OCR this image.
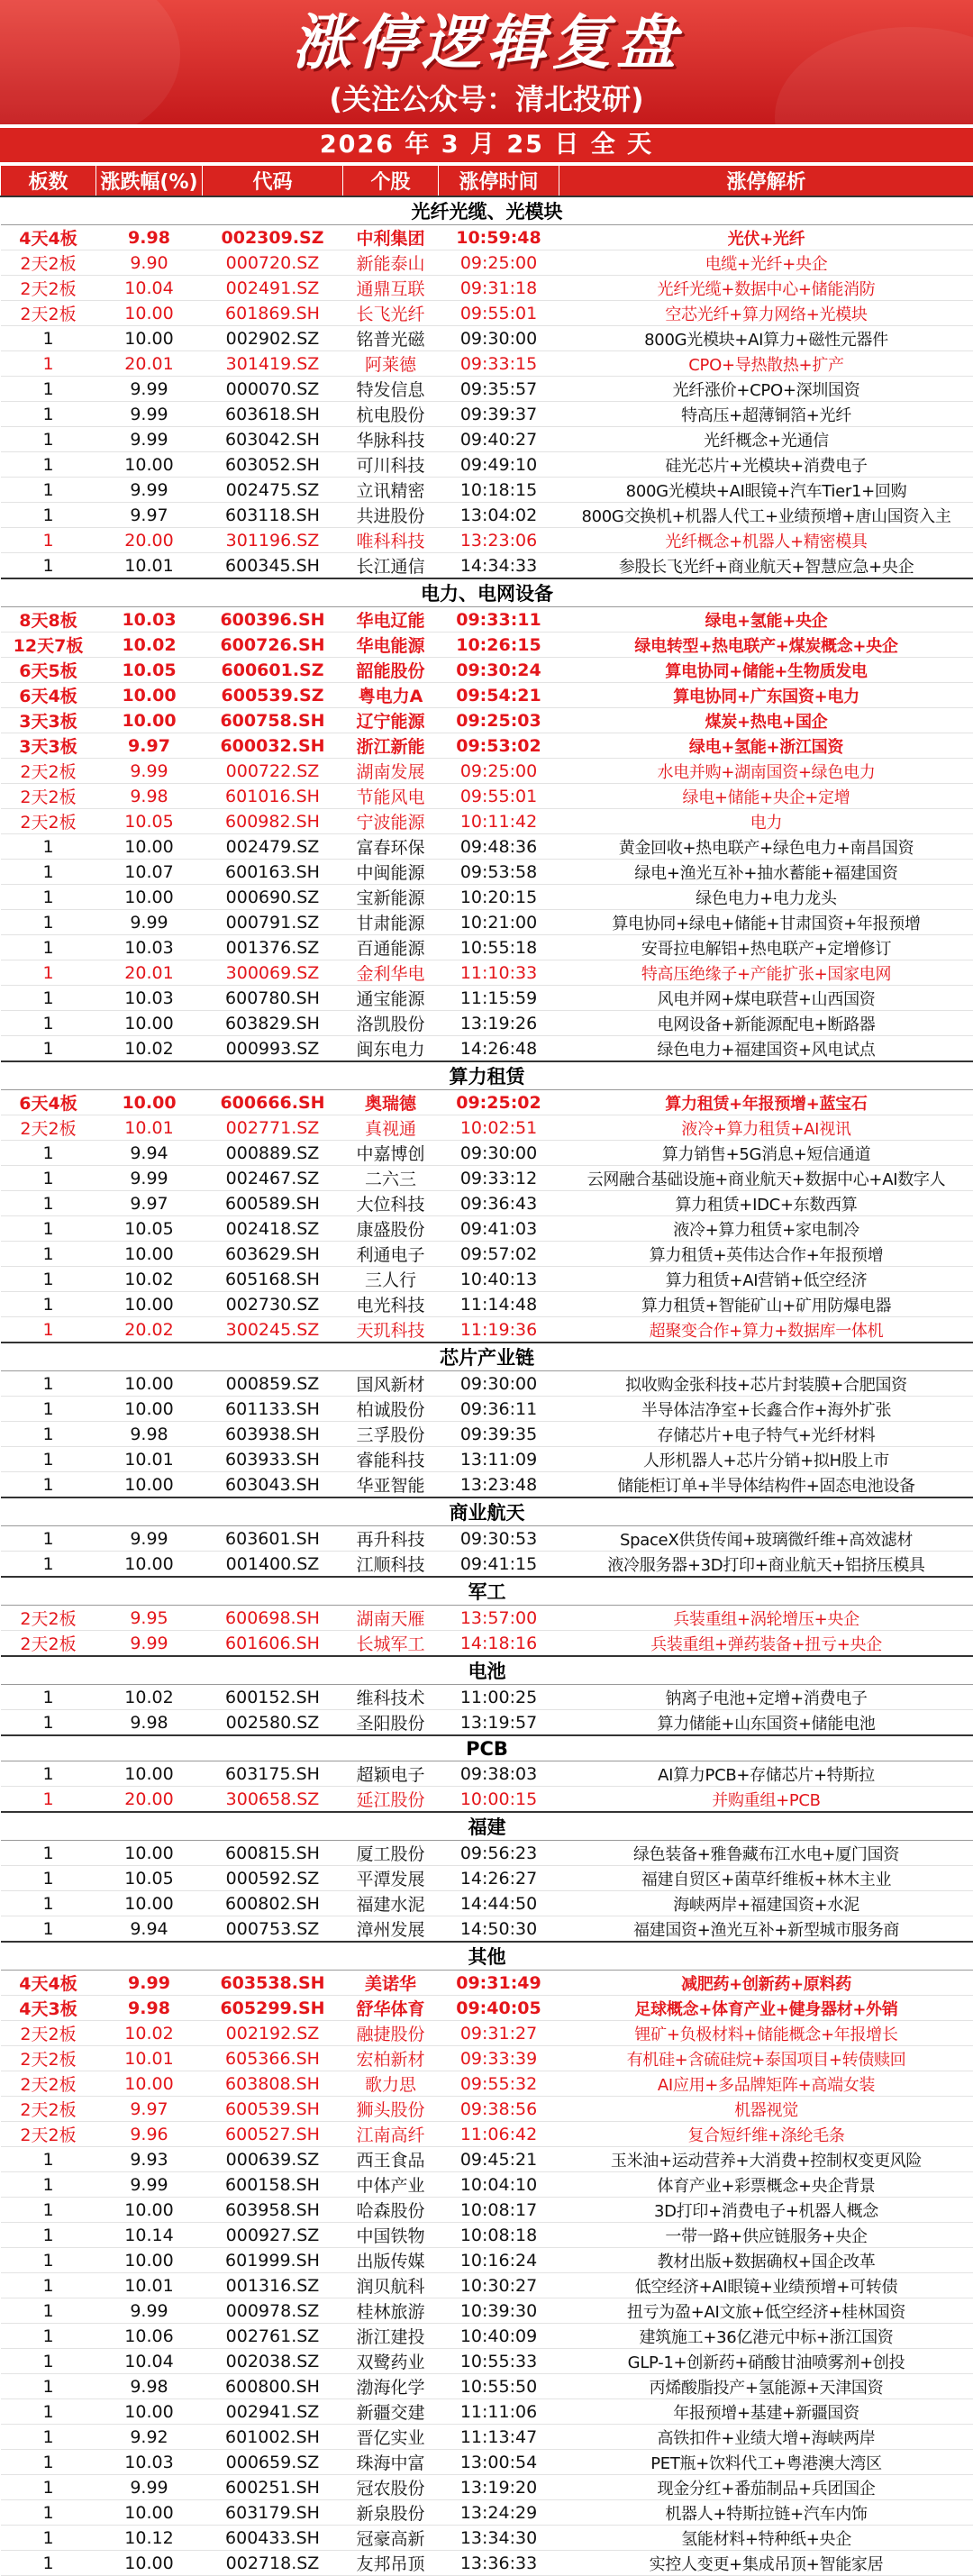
涨停逻辑复盘
(关注公众号：清北投研)
2026 年 3 月 25 日 全 天
板数	涨跌幅(%)	代码	个股	涨停时间	涨停解析
光纤光缆、光模块					
4天4板	9.98	002309.SZ	中利集团	10:59:48	光伏+光纤
2天2板	9.90	000720.SZ	新能泰山	09:25:00	电缆+光纤+央企
2天2板	10.04	002491.SZ	通鼎互联	09:31:18	光纤光缆+数据中心+储能消防
2天2板	10.00	601869.SH	长飞光纤	09:55:01	空芯光纤+算力网络+光模块
1	10.00	002902.SZ	铭普光磁	09:30:00	800G光模块+AI算力+磁性元器件
1	20.01	301419.SZ	阿莱德	09:33:15	CPO+导热散热+扩产
1	9.99	000070.SZ	特发信息	09:35:57	光纤涨价+CPO+深圳国资
1	9.99	603618.SH	杭电股份	09:39:37	特高压+超薄铜箔+光纤
1	9.99	603042.SH	华脉科技	09:40:27	光纤概念+光通信
1	10.00	603052.SH	可川科技	09:49:10	硅光芯片+光模块+消费电子
1	9.99	002475.SZ	立讯精密	10:18:15	800G光模块+AI眼镜+汽车Tier1+回购
1	9.97	603118.SH	共进股份	13:04:02	800G交换机+机器人代工+业绩预增+唐山国资入主
1	20.00	301196.SZ	唯科科技	13:23:06	光纤概念+机器人+精密模具
1	10.01	600345.SH	长江通信	14:34:33	参股长飞光纤+商业航天+智慧应急+央企
电力、电网设备					
8天8板	10.03	600396.SH	华电辽能	09:33:11	绿电+氢能+央企
12天7板	10.02	600726.SH	华电能源	10:26:15	绿电转型+热电联产+煤炭概念+央企
6天5板	10.05	600601.SZ	韶能股份	09:30:24	算电协同+储能+生物质发电
6天4板	10.00	600539.SZ	粤电力A	09:54:21	算电协同+广东国资+电力
3天3板	10.00	600758.SH	辽宁能源	09:25:03	煤炭+热电+国企
3天3板	9.97	600032.SH	浙江新能	09:53:02	绿电+氢能+浙江国资
2天2板	9.99	000722.SZ	湖南发展	09:25:00	水电并购+湖南国资+绿色电力
2天2板	9.98	601016.SH	节能风电	09:55:01	绿电+储能+央企+定增
2天2板	10.05	600982.SH	宁波能源	10:11:42	电力
1	10.00	002479.SZ	富春环保	09:48:36	黄金回收+热电联产+绿色电力+南昌国资
1	10.07	600163.SH	中闽能源	09:53:58	绿电+渔光互补+抽水蓄能+福建国资
1	10.00	000690.SZ	宝新能源	10:20:15	绿色电力+电力龙头
1	9.99	000791.SZ	甘肃能源	10:21:00	算电协同+绿电+储能+甘肃国资+年报预增
1	10.03	001376.SZ	百通能源	10:55:18	安哥拉电解铝+热电联产+定增修订
1	20.01	300069.SZ	金利华电	11:10:33	特高压绝缘子+产能扩张+国家电网
1	10.03	600780.SH	通宝能源	11:15:59	风电并网+煤电联营+山西国资
1	10.00	603829.SH	洛凯股份	13:19:26	电网设备+新能源配电+断路器
1	10.02	000993.SZ	闽东电力	14:26:48	绿色电力+福建国资+风电试点
算力租赁					
6天4板	10.00	600666.SH	奥瑞德	09:25:02	算力租赁+年报预增+蓝宝石
2天2板	10.01	002771.SZ	真视通	10:02:51	液冷+算力租赁+AI视讯
1	9.94	000889.SZ	中嘉博创	09:30:00	算力销售+5G消息+短信通道
1	9.99	002467.SZ	二六三	09:33:12	云网融合基础设施+商业航天+数据中心+AI数字人
1	9.97	600589.SH	大位科技	09:36:43	算力租赁+IDC+东数西算
1	10.05	002418.SZ	康盛股份	09:41:03	液冷+算力租赁+家电制冷
1	10.00	603629.SH	利通电子	09:57:02	算力租赁+英伟达合作+年报预增
1	10.02	605168.SH	三人行	10:40:13	算力租赁+AI营销+低空经济
1	10.00	002730.SZ	电光科技	11:14:48	算力租赁+智能矿山+矿用防爆电器
1	20.02	300245.SZ	天玑科技	11:19:36	超聚变合作+算力+数据库一体机
芯片产业链					
1	10.00	000859.SZ	国风新材	09:30:00	拟收购金张科技+芯片封装膜+合肥国资
1	10.00	601133.SH	柏诚股份	09:36:11	半导体洁净室+长鑫合作+海外扩张
1	9.98	603938.SH	三孚股份	09:39:35	存储芯片+电子特气+光纤材料
1	10.01	603933.SH	睿能科技	13:11:09	人形机器人+芯片分销+拟H股上市
1	10.00	603043.SH	华亚智能	13:23:48	储能柜订单+半导体结构件+固态电池设备
商业航天					
1	9.99	603601.SH	再升科技	09:30:53	SpaceX供货传闻+玻璃微纤维+高效滤材
1	10.00	001400.SZ	江顺科技	09:41:15	液冷服务器+3D打印+商业航天+铝挤压模具
军工					
2天2板	9.95	600698.SH	湖南天雁	13:57:00	兵装重组+涡轮增压+央企
2天2板	9.99	601606.SH	长城军工	14:18:16	兵装重组+弹药装备+扭亏+央企
电池					
1	10.02	600152.SH	维科技术	11:00:25	钠离子电池+定增+消费电子
1	9.98	002580.SZ	圣阳股份	13:19:57	算力储能+山东国资+储能电池
PCB					
1	10.00	603175.SH	超颖电子	09:38:03	AI算力PCB+存储芯片+特斯拉
1	20.00	300658.SZ	延江股份	10:00:15	并购重组+PCB
福建					
1	10.00	600815.SH	厦工股份	09:56:23	绿色装备+雅鲁藏布江水电+厦门国资
1	10.05	000592.SZ	平潭发展	14:26:27	福建自贸区+菌草纤维板+林木主业
1	10.00	600802.SH	福建水泥	14:44:50	海峡两岸+福建国资+水泥
1	9.94	000753.SZ	漳州发展	14:50:30	福建国资+渔光互补+新型城市服务商
其他					
4天4板	9.99	603538.SH	美诺华	09:31:49	减肥药+创新药+原料药
4天3板	9.98	605299.SH	舒华体育	09:40:05	足球概念+体育产业+健身器材+外销
2天2板	10.02	002192.SZ	融捷股份	09:31:27	锂矿+负极材料+储能概念+年报增长
2天2板	10.01	605366.SH	宏柏新材	09:33:39	有机硅+含硫硅烷+泰国项目+转债赎回
2天2板	10.00	603808.SH	歌力思	09:55:32	AI应用+多品牌矩阵+高端女装
2天2板	9.97	600539.SH	狮头股份	09:38:56	机器视觉
2天2板	9.96	600527.SH	江南高纤	11:06:42	复合短纤维+涤纶毛条
1	9.93	000639.SZ	西王食品	09:45:21	玉米油+运动营养+大消费+控制权变更风险
1	9.99	600158.SH	中体产业	10:04:10	体育产业+彩票概念+央企背景
1	10.00	603958.SH	哈森股份	10:08:17	3D打印+消费电子+机器人概念
1	10.14	000927.SZ	中国铁物	10:08:18	一带一路+供应链服务+央企
1	10.00	601999.SH	出版传媒	10:16:24	教材出版+数据确权+国企改革
1	10.01	001316.SZ	润贝航科	10:30:27	低空经济+AI眼镜+业绩预增+可转债
1	9.99	000978.SZ	桂林旅游	10:39:30	扭亏为盈+AI文旅+低空经济+桂林国资
1	10.06	002761.SZ	浙江建投	10:40:09	建筑施工+36亿港元中标+浙江国资
1	10.04	002038.SZ	双鹭药业	10:55:33	GLP-1+创新药+硝酸甘油喷雾剂+创投
1	9.98	600800.SH	渤海化学	10:55:50	丙烯酸脂投产+氢能源+天津国资
1	10.00	002941.SZ	新疆交建	11:11:06	年报预增+基建+新疆国资
1	9.92	601002.SH	晋亿实业	11:13:47	高铁扣件+业绩大增+海峡两岸
1	10.03	000659.SZ	珠海中富	13:00:54	PET瓶+饮料代工+粤港澳大湾区
1	9.99	600251.SH	冠农股份	13:19:20	现金分红+番茄制品+兵团国企
1	10.00	603179.SH	新泉股份	13:24:29	机器人+特斯拉链+汽车内饰
1	10.12	600433.SH	冠豪高新	13:34:30	氢能材料+特种纸+央企
1	10.00	002718.SZ	友邦吊顶	13:36:33	实控人变更+集成吊顶+智能家居
